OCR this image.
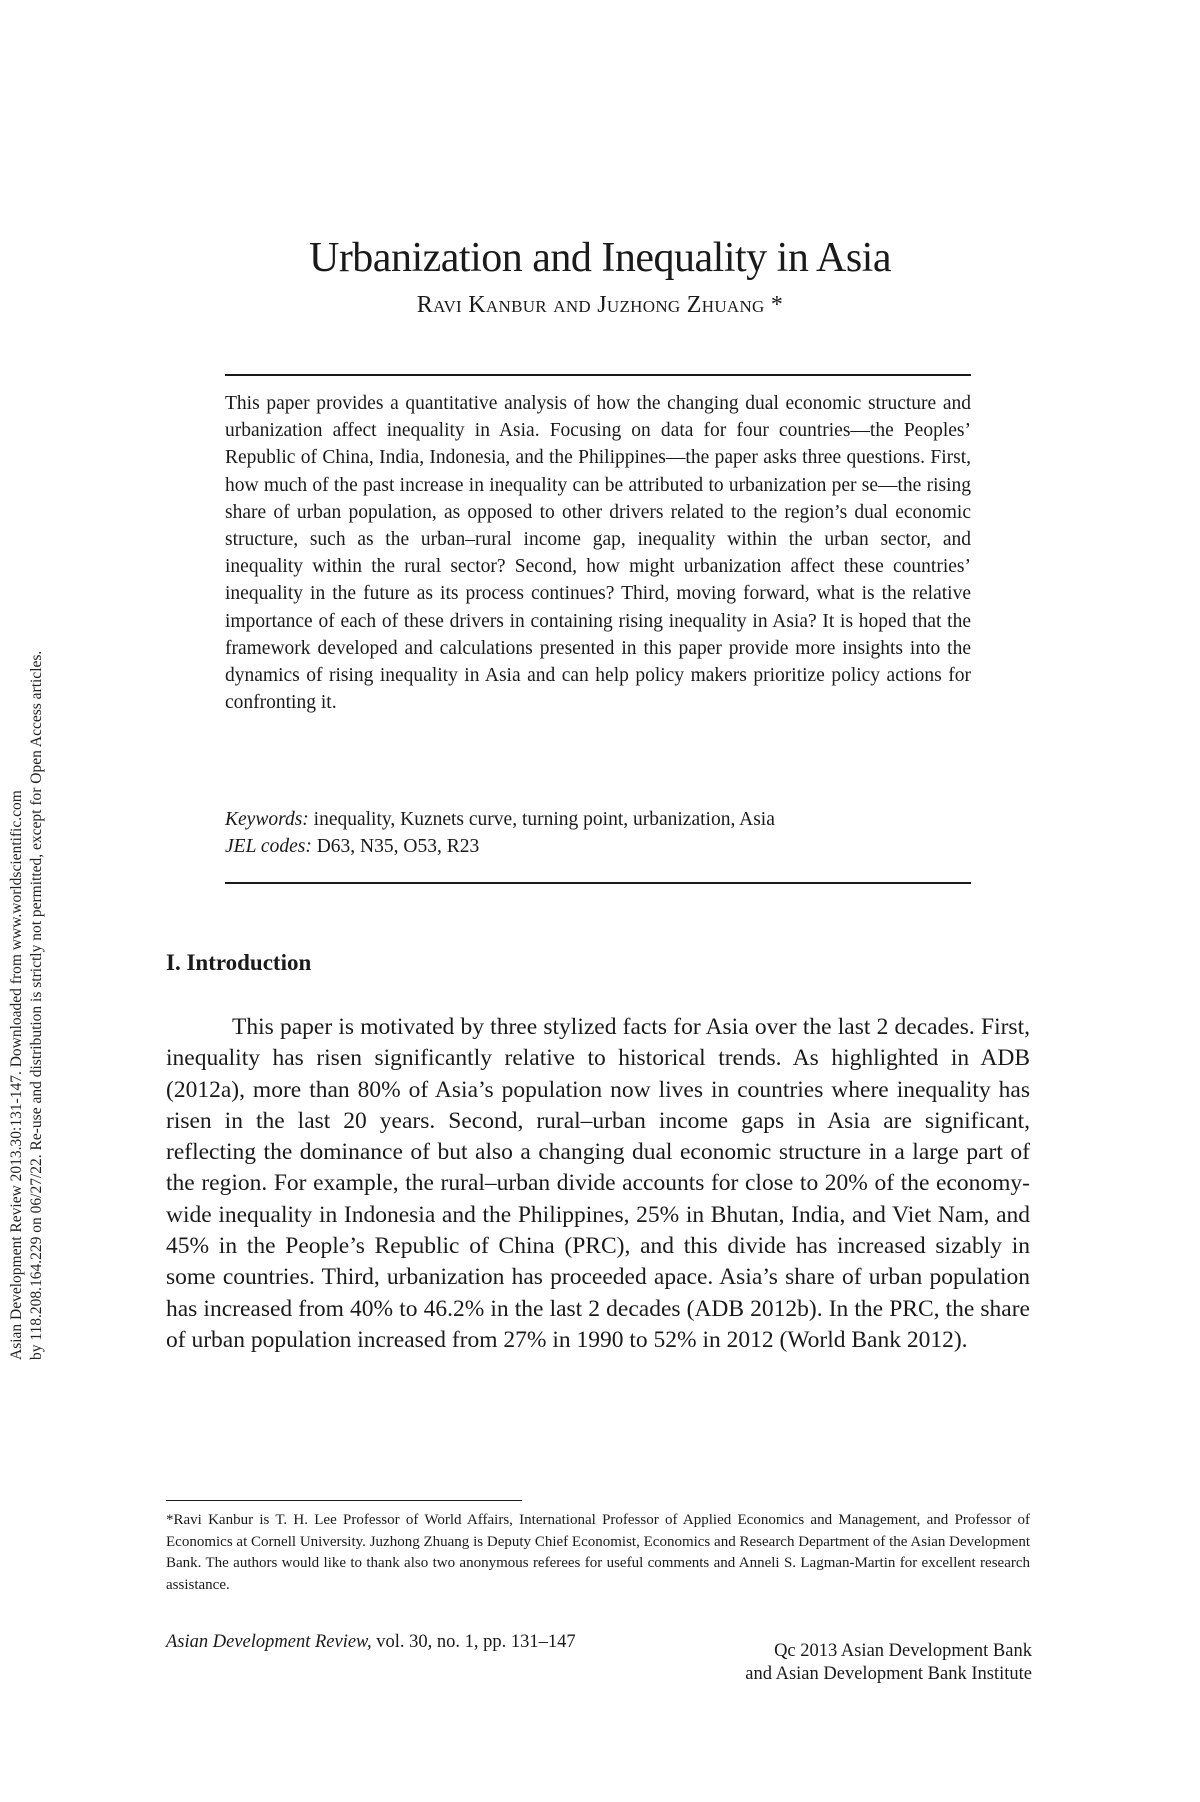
Asian Development Review 2013.30:131-147. Downloaded from www.worldscientific.com by 118.208.164.229 on 06/27/22. Re-use and distribution is strictly not permitted, except for Open Access articles.
Urbanization and Inequality in Asia
Ravi Kanbur and Juzhong Zhuang *

This paper provides a quantitative analysis of how the changing dual economic structure and urbanization affect inequality in Asia. Focusing on data for four countries—the Peoples’ Republic of China, India, Indonesia, and the Philippines—the paper asks three questions. First, how much of the past increase in inequality can be attributed to urbanization per se—the rising share of urban population, as opposed to other drivers related to the region’s dual economic structure, such as the urban–rural income gap, inequality within the urban sector, and inequality within the rural sector? Second, how might urbanization affect these countries’ inequality in the future as its process continues? Third, moving forward, what is the relative importance of each of these drivers in containing rising inequality in Asia? It is hoped that the framework developed and calculations presented in this paper provide more insights into the dynamics of rising inequality in Asia and can help policy makers prioritize policy actions for confronting it.

Keywords: inequality, Kuznets curve, turning point, urbanization, Asia
JEL codes: D63, N35, O53, R23
I. Introduction

This paper is motivated by three stylized facts for Asia over the last 2 decades. First, inequality has risen significantly relative to historical trends. As highlighted in ADB (2012a), more than 80% of Asia’s population now lives in countries where inequality has risen in the last 20 years. Second, rural–urban income gaps in Asia are significant, reflecting the dominance of but also a changing dual economic structure in a large part of the region. For example, the rural–urban divide accounts for close to 20% of the economy-wide inequality in Indonesia and the Philippines, 25% in Bhutan, India, and Viet Nam, and 45% in the People’s Republic of China (PRC), and this divide has increased sizably in some countries. Third, urbanization has proceeded apace. Asia’s share of urban population has increased from 40% to 46.2% in the last 2 decades (ADB 2012b). In the PRC, the share of urban population increased from 27% in 1990 to 52% in 2012 (World Bank 2012).

*Ravi Kanbur is T. H. Lee Professor of World Affairs, International Professor of Applied Economics and Management, and Professor of Economics at Cornell University. Juzhong Zhuang is Deputy Chief Economist, Economics and Research Department of the Asian Development Bank. The authors would like to thank also two anonymous referees for useful comments and Anneli S. Lagman-Martin for excellent research assistance.

Asian Development Review, vol. 30, no. 1, pp. 131–147	Qc 2013 Asian Development Bank
and Asian Development Bank Institute
